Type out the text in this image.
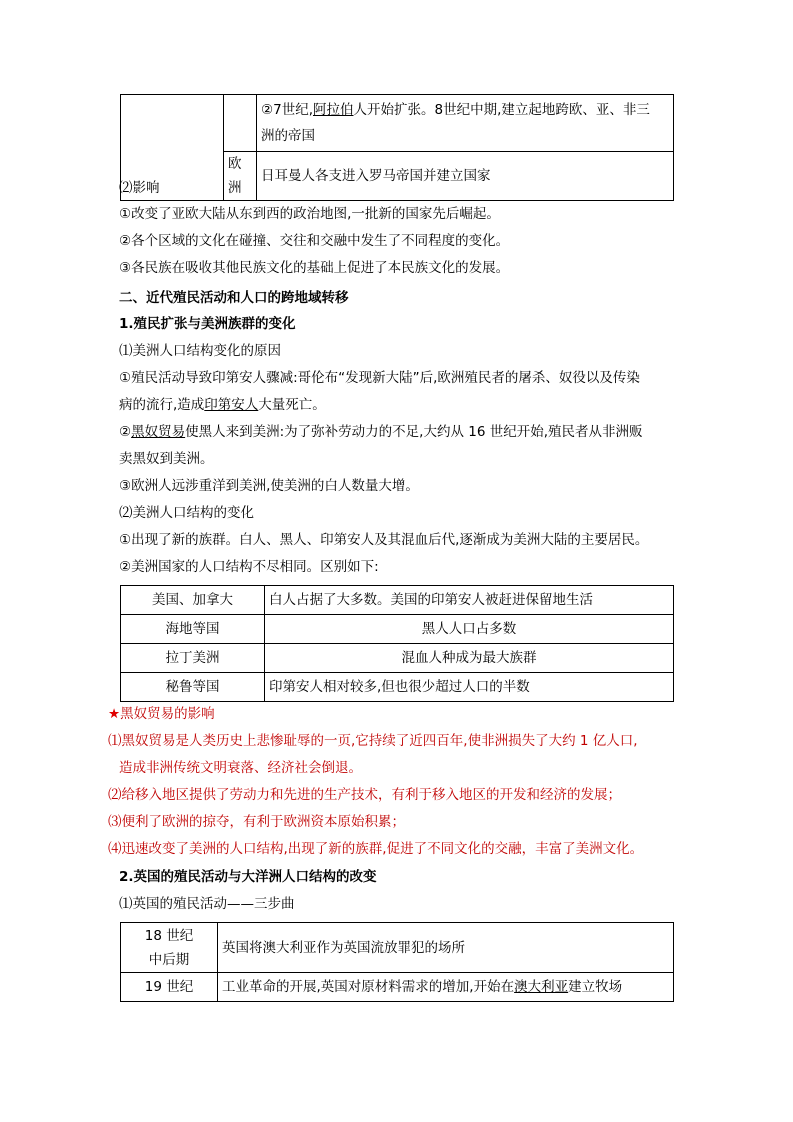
		②7世纪,阿拉伯人开始扩张。8世纪中期,建立起地跨欧、亚、非三
洲的帝国
	欧洲	日耳曼人各支进入罗马帝国并建立国家
⑵影响
①改变了亚欧大陆从东到西的政治地图,一批新的国家先后崛起。
②各个区域的文化在碰撞、交往和交融中发生了不同程度的变化。
③各民族在吸收其他民族文化的基础上促进了本民族文化的发展。
二、近代殖民活动和人口的跨地域转移
1.殖民扩张与美洲族群的变化
⑴美洲人口结构变化的原因
①殖民活动导致印第安人骤减:哥伦布“发现新大陆”后,欧洲殖民者的屠杀、奴役以及传染
病的流行,造成印第安人大量死亡。
②黑奴贸易使黑人来到美洲:为了弥补劳动力的不足,大约从 16 世纪开始,殖民者从非洲贩
卖黑奴到美洲。
③欧洲人远涉重洋到美洲,使美洲的白人数量大增。
⑵美洲人口结构的变化
①出现了新的族群。白人、黑人、印第安人及其混血后代,逐渐成为美洲大陆的主要居民。
②美洲国家的人口结构不尽相同。区别如下:
美国、加拿大	白人占据了大多数。美国的印第安人被赶进保留地生活
海地等国	黑人人口占多数
拉丁美洲	混血人种成为最大族群
秘鲁等国	印第安人相对较多,但也很少超过人口的半数
★黑奴贸易的影响
⑴黑奴贸易是人类历史上悲惨耻辱的一页,它持续了近四百年,使非洲损失了大约 1 亿人口,
造成非洲传统文明衰落、经济社会倒退。
⑵给移入地区提供了劳动力和先进的生产技术，有利于移入地区的开发和经济的发展；
⑶便利了欧洲的掠夺，有利于欧洲资本原始积累；
⑷迅速改变了美洲的人口结构,出现了新的族群,促进了不同文化的交融，丰富了美洲文化。
2.英国的殖民活动与大洋洲人口结构的改变
⑴英国的殖民活动——三步曲
18 世纪
中后期	英国将澳大利亚作为英国流放罪犯的场所
19 世纪	工业革命的开展,英国对原材料需求的增加,开始在澳大利亚建立牧场
